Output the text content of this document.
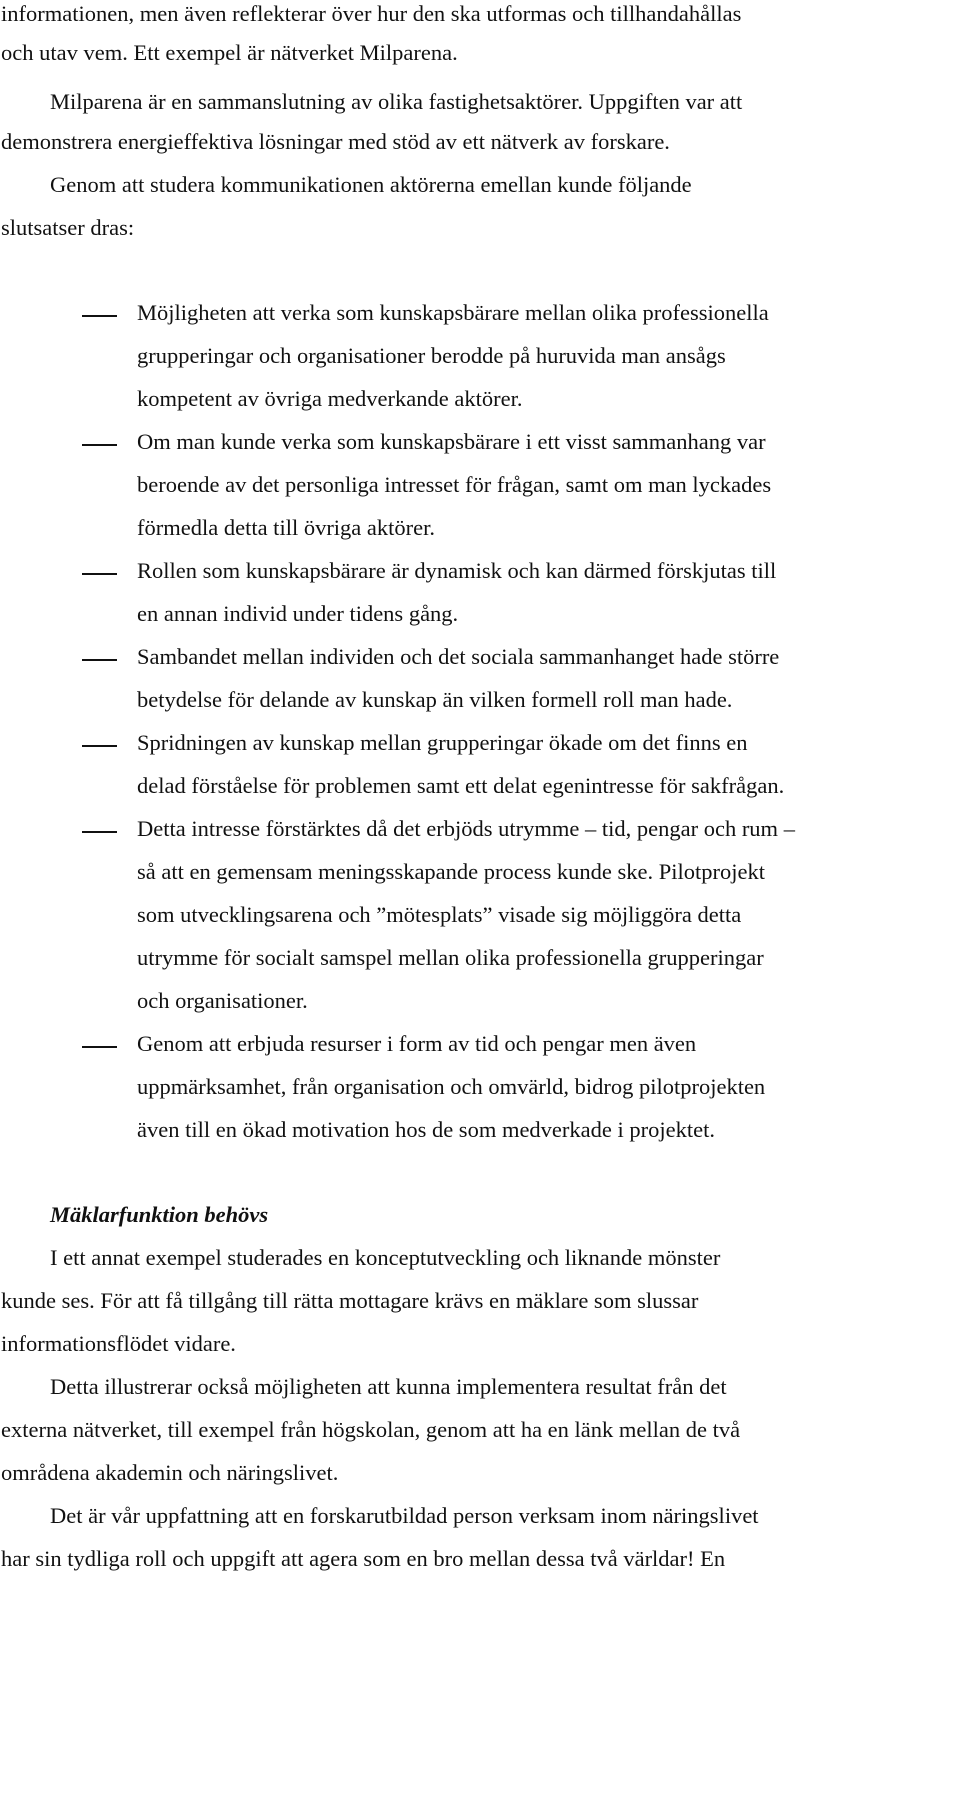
informationen, men även reflekterar över hur den ska utformas och tillhandahållas
och utav vem. Ett exempel är nätverket Milparena.
Milparena är en sammanslutning av olika fastighetsaktörer. Uppgiften var att
demonstrera energieffektiva lösningar med stöd av ett nätverk av forskare.
Genom att studera kommunikationen aktörerna emellan kunde följande
slutsatser dras:
Möjligheten att verka som kunskapsbärare mellan olika professionella
grupperingar och organisationer berodde på huruvida man ansågs
kompetent av övriga medverkande aktörer.
Om man kunde verka som kunskapsbärare i ett visst sammanhang var
beroende av det personliga intresset för frågan, samt om man lyckades
förmedla detta till övriga aktörer.
Rollen som kunskapsbärare är dynamisk och kan därmed förskjutas till
en annan individ under tidens gång.
Sambandet mellan individen och det sociala sammanhanget hade större
betydelse för delande av kunskap än vilken formell roll man hade.
Spridningen av kunskap mellan grupperingar ökade om det finns en
delad förståelse för problemen samt ett delat egenintresse för sakfrågan.
Detta intresse förstärktes då det erbjöds utrymme – tid, pengar och rum –
så att en gemensam meningsskapande process kunde ske. Pilotprojekt
som utvecklingsarena och ”mötesplats” visade sig möjliggöra detta
utrymme för socialt samspel mellan olika professionella grupperingar
och organisationer.
Genom att erbjuda resurser i form av tid och pengar men även
uppmärksamhet, från organisation och omvärld, bidrog pilotprojekten
även till en ökad motivation hos de som medverkade i projektet.
Mäklarfunktion behövs
I ett annat exempel studerades en konceptutveckling och liknande mönster
kunde ses. För att få tillgång till rätta mottagare krävs en mäklare som slussar
informationsflödet vidare.
Detta illustrerar också möjligheten att kunna implementera resultat från det
externa nätverket, till exempel från högskolan, genom att ha en länk mellan de två
områdena akademin och näringslivet.
Det är vår uppfattning att en forskarutbildad person verksam inom näringslivet
har sin tydliga roll och uppgift att agera som en bro mellan dessa två världar! En
